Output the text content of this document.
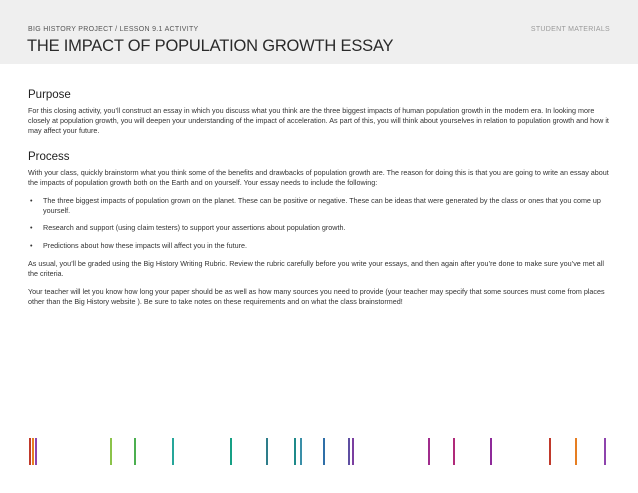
BIG HISTORY PROJECT / LESSON 9.1 ACTIVITY	STUDENT MATERIALS
THE IMPACT OF POPULATION GROWTH ESSAY
Purpose

For this closing activity, you’ll construct an essay in which you discuss what you think are the three biggest impacts of human population growth in the modern era. In looking more closely at population growth, you will deepen your understanding of the impact of acceleration. As part of this, you will think about yourselves in relation to population growth and how it may affect your future.

Process

With your class, quickly brainstorm what you think some of the benefits and drawbacks of population growth are. The reason for doing this is that you are going to write an essay about the impacts of population growth both on the Earth and on yourself. Your essay needs to include the following:

• The three biggest impacts of population grown on the planet. These can be positive or negative. These can be ideas that were generated by the class or ones that you come up yourself.
• Research and support (using claim testers) to support your assertions about population growth.
• Predictions about how these impacts will affect you in the future.

As usual, you’ll be graded using the Big History Writing Rubric. Review the rubric carefully before you write your essays, and then again after you’re done to make sure you’ve met all the criteria.

Your teacher will let you know how long your paper should be as well as how many sources you need to provide (your teacher may specify that some sources must come from places other than the Big History website ). Be sure to take notes on these requirements and on what the class brainstormed!
